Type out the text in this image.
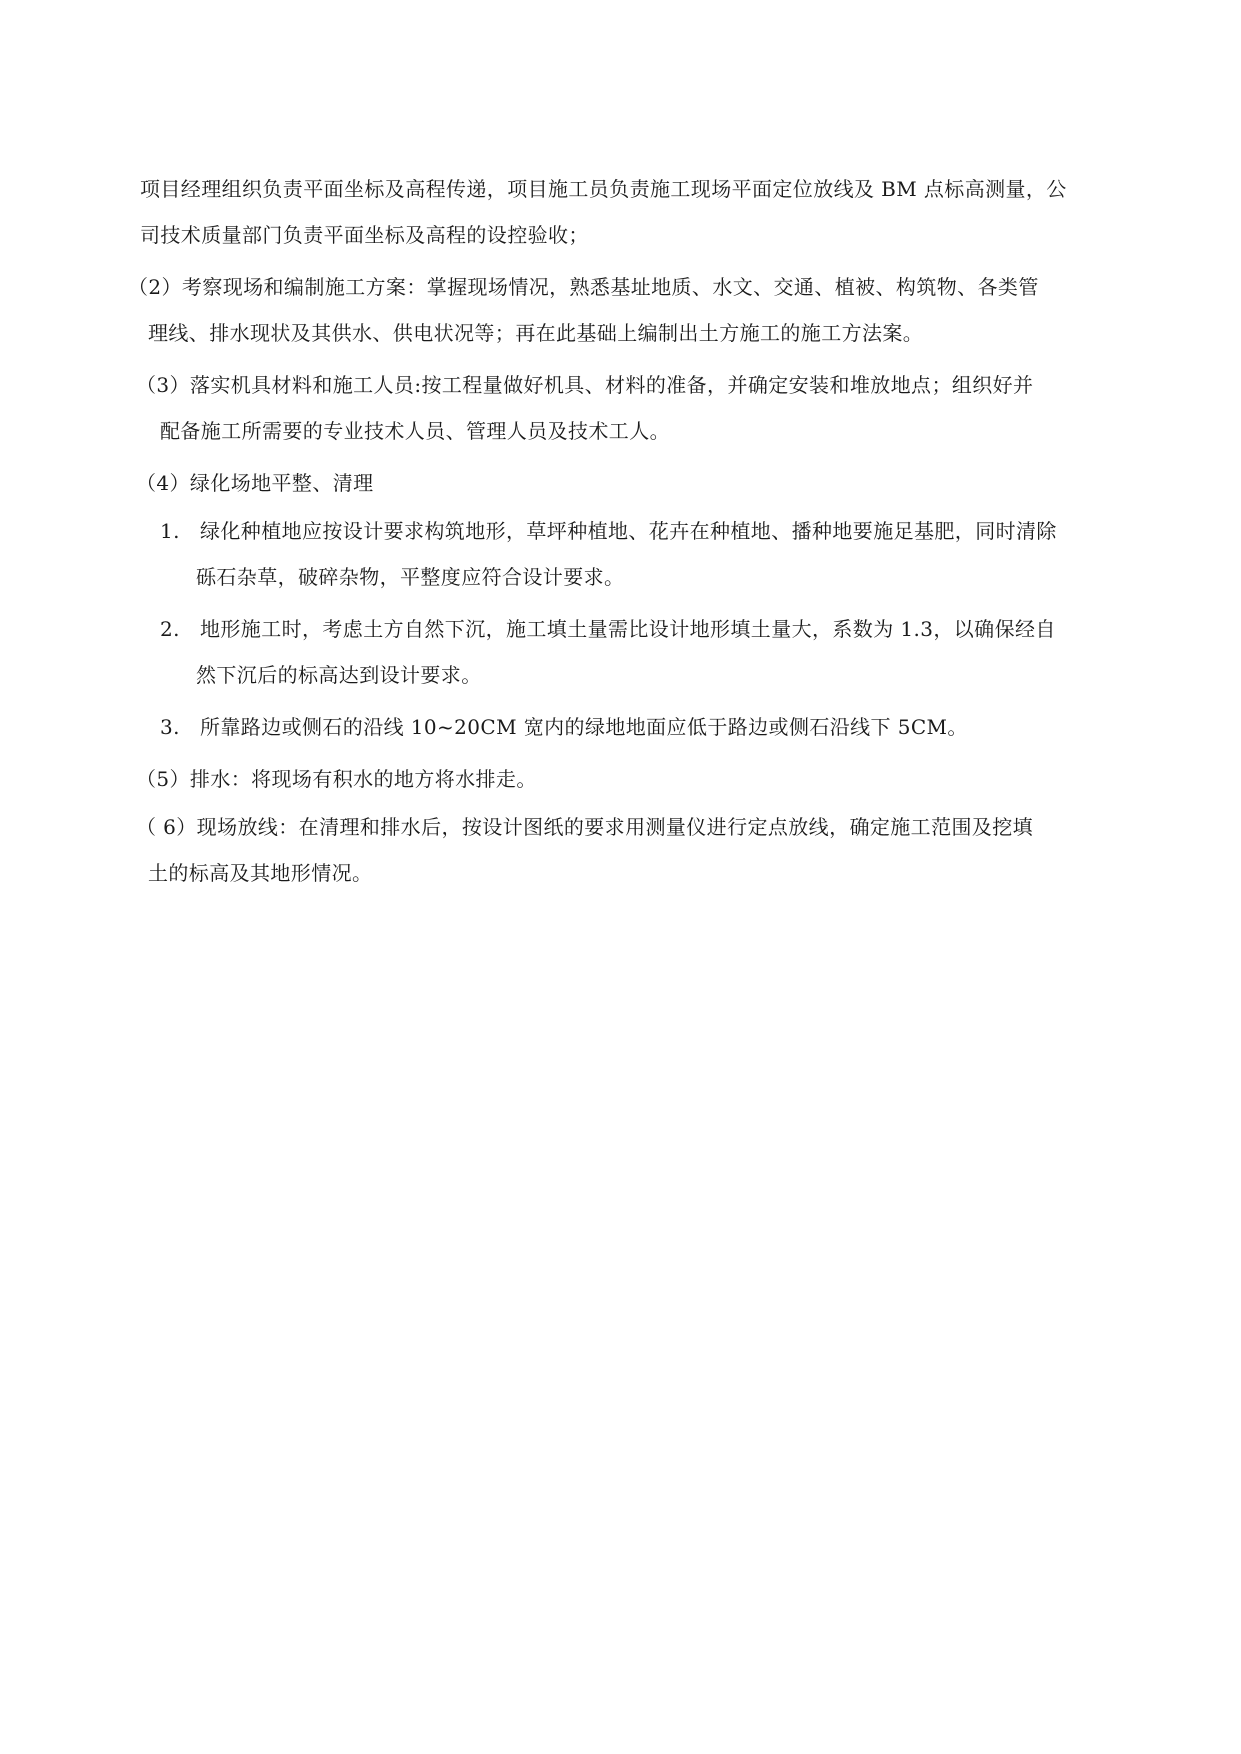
项目经理组织负责平面坐标及高程传递，项目施工员负责施工现场平面定位放线及 BM 点标高测量，公
司技术质量部门负责平面坐标及高程的设控验收；
（2）考察现场和编制施工方案：掌握现场情况，熟悉基址地质、水文、交通、植被、构筑物、各类管
理线、排水现状及其供水、供电状况等；再在此基础上编制出土方施工的施工方法案。
（3）落实机具材料和施工人员:按工程量做好机具、材料的准备，并确定安装和堆放地点；组织好并
配备施工所需要的专业技术人员、管理人员及技术工人。
（4）绿化场地平整、清理
1. 绿化种植地应按设计要求构筑地形，草坪种植地、花卉在种植地、播种地要施足基肥，同时清除
砾石杂草，破碎杂物，平整度应符合设计要求。
2. 地形施工时，考虑土方自然下沉，施工填土量需比设计地形填土量大，系数为 1.3，以确保经自
然下沉后的标高达到设计要求。
3. 所靠路边或侧石的沿线 10~20CM 宽内的绿地地面应低于路边或侧石沿线下 5CM。
（5）排水：将现场有积水的地方将水排走。
（ 6）现场放线：在清理和排水后，按设计图纸的要求用测量仪进行定点放线，确定施工范围及挖填
土的标高及其地形情况。
